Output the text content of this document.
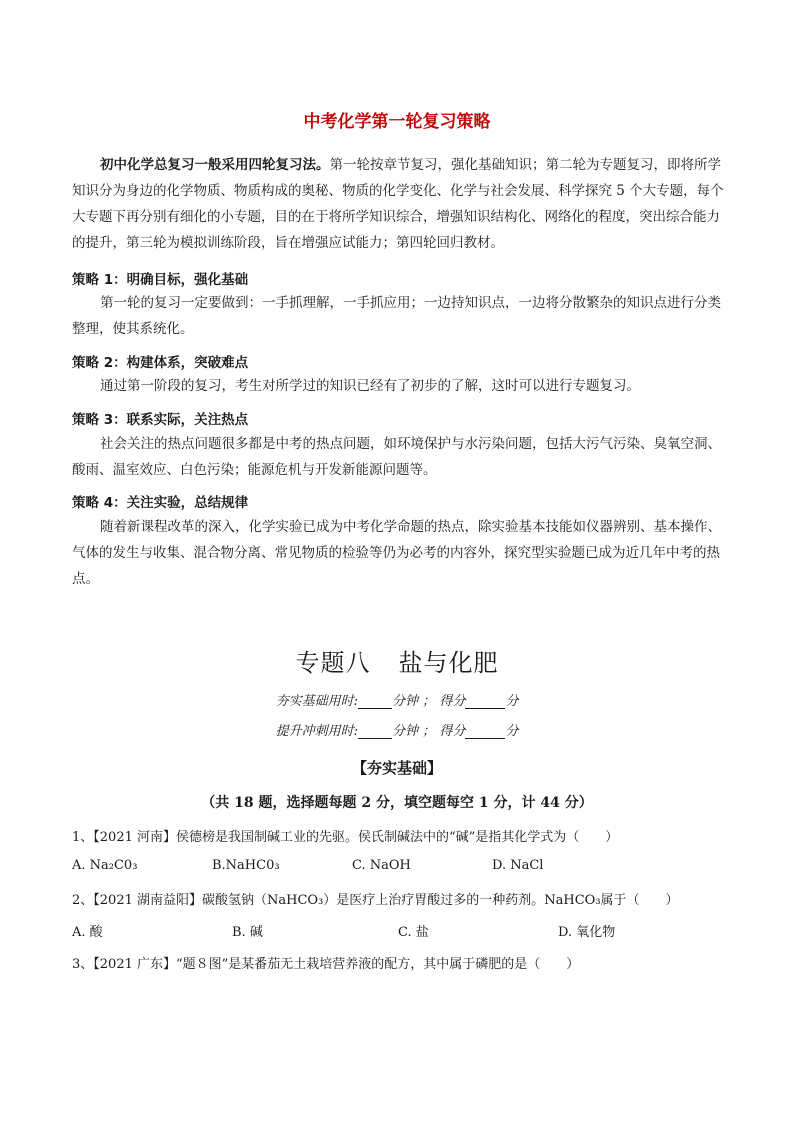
中考化学第一轮复习策略
初中化学总复习一般采用四轮复习法。第一轮按章节复习，强化基础知识；第二轮为专题复习，即将所学知识分为身边的化学物质、物质构成的奥秘、物质的化学变化、化学与社会发展、科学探究 5 个大专题，每个大专题下再分别有细化的小专题，目的在于将所学知识综合，增强知识结构化、网络化的程度，突出综合能力的提升，第三轮为模拟训练阶段，旨在增强应试能力；第四轮回归教材。
策略 1：明确目标，强化基础
第一轮的复习一定要做到：一手抓理解，一手抓应用；一边持知识点，一边将分散繁杂的知识点进行分类整理，使其系统化。
策略 2：构建体系，突破难点
通过第一阶段的复习，考生对所学过的知识已经有了初步的了解，这时可以进行专题复习。
策略 3：联系实际，关注热点
社会关注的热点问题很多都是中考的热点问题，如环境保护与水污染问题，包括大污气污染、臭氧空洞、酸雨、温室效应、白色污染；能源危机与开发新能源问题等。
策略 4：关注实验，总结规律
随着新课程改革的深入，化学实验已成为中考化学命题的热点，除实验基本技能如仪器辨别、基本操作、气体的发生与收集、混合物分离、常见物质的检验等仍为必考的内容外，探究型实验题已成为近几年中考的热点。
专题八 盐与化肥
夯实基础用时:	分钟 ； 得分	分
提升冲刺用时:	分钟 ； 得分	分
【夯实基础】
（共 18 题，选择题每题 2 分，填空题每空 1 分，计 44 分）
1、【2021 河南】侯德榜是我国制碱工业的先驱。侯氏制碱法中的“碱”是指其化学式为（　　）
A. Na₂C0₃	B.NaHC0₃	C. NaOH	D. NaCl
2、【2021 湖南益阳】碳酸氢钠（NaHCO₃）是医疗上治疗胃酸过多的一种药剂。NaHCO₃属于（　　）
A. 酸	B. 碱	C. 盐	D. 氧化物
3、【2021 广东】“题８图”是某番茄无土栽培营养液的配方，其中属于磷肥的是（　　）
